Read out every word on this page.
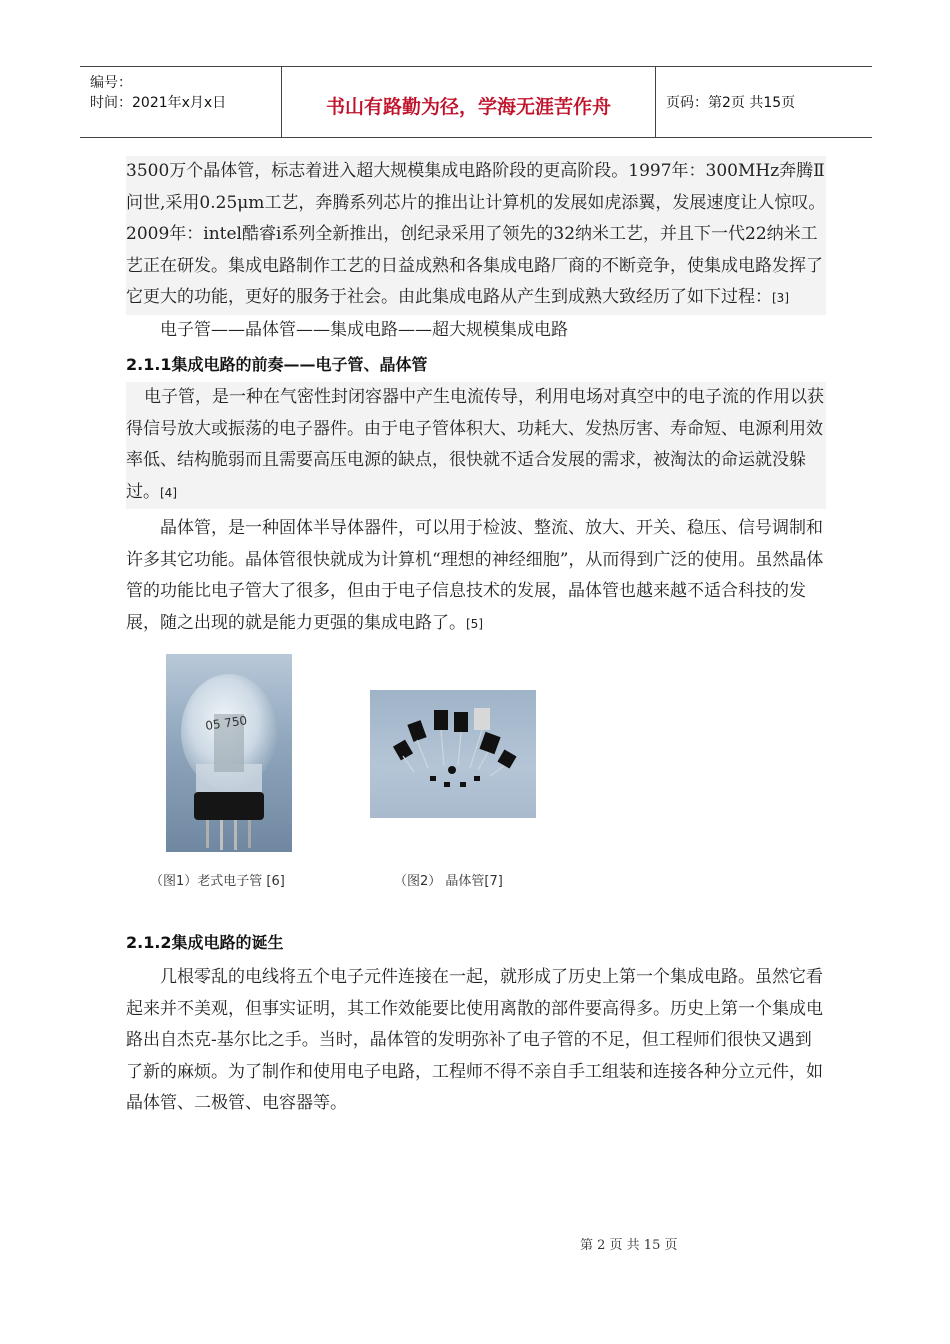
编号：
时间：2021年x月x日	书山有路勤为径，学海无涯苦作舟	页码：第2页 共15页

3500万个晶体管，标志着进入超大规模集成电路阶段的更高阶段。1997年：300MHz奔腾Ⅱ问世,采用0.25μm工艺，奔腾系列芯片的推出让计算机的发展如虎添翼，发展速度让人惊叹。2009年：intel酷睿i系列全新推出，创纪录采用了领先的32纳米工艺，并且下一代22纳米工艺正在研发。集成电路制作工艺的日益成熟和各集成电路厂商的不断竞争，使集成电路发挥了它更大的功能，更好的服务于社会。由此集成电路从产生到成熟大致经历了如下过程：[3]

电子管——晶体管——集成电路——超大规模集成电路

2.1.1集成电路的前奏——电子管、晶体管

电子管，是一种在气密性封闭容器中产生电流传导，利用电场对真空中的电子流的作用以获得信号放大或振荡的电子器件。由于电子管体积大、功耗大、发热厉害、寿命短、电源利用效率低、结构脆弱而且需要高压电源的缺点，很快就不适合发展的需求，被淘汰的命运就没躲过。[4]

晶体管，是一种固体半导体器件，可以用于检波、整流、放大、开关、稳压、信号调制和许多其它功能。晶体管很快就成为计算机“理想的神经细胞”，从而得到广泛的使用。虽然晶体管的功能比电子管大了很多，但由于电子信息技术的发展，晶体管也越来越不适合科技的发展，随之出现的就是能力更强的集成电路了。[5]

05 750
（图1）老式电子管 [6]	（图2） 晶体管[7]
2.1.2集成电路的诞生

几根零乱的电线将五个电子元件连接在一起，就形成了历史上第一个集成电路。虽然它看起来并不美观，但事实证明，其工作效能要比使用离散的部件要高得多。历史上第一个集成电路出自杰克-基尔比之手。当时，晶体管的发明弥补了电子管的不足，但工程师们很快又遇到了新的麻烦。为了制作和使用电子电路，工程师不得不亲自手工组装和连接各种分立元件，如晶体管、二极管、电容器等。

第 2 页 共 15 页
